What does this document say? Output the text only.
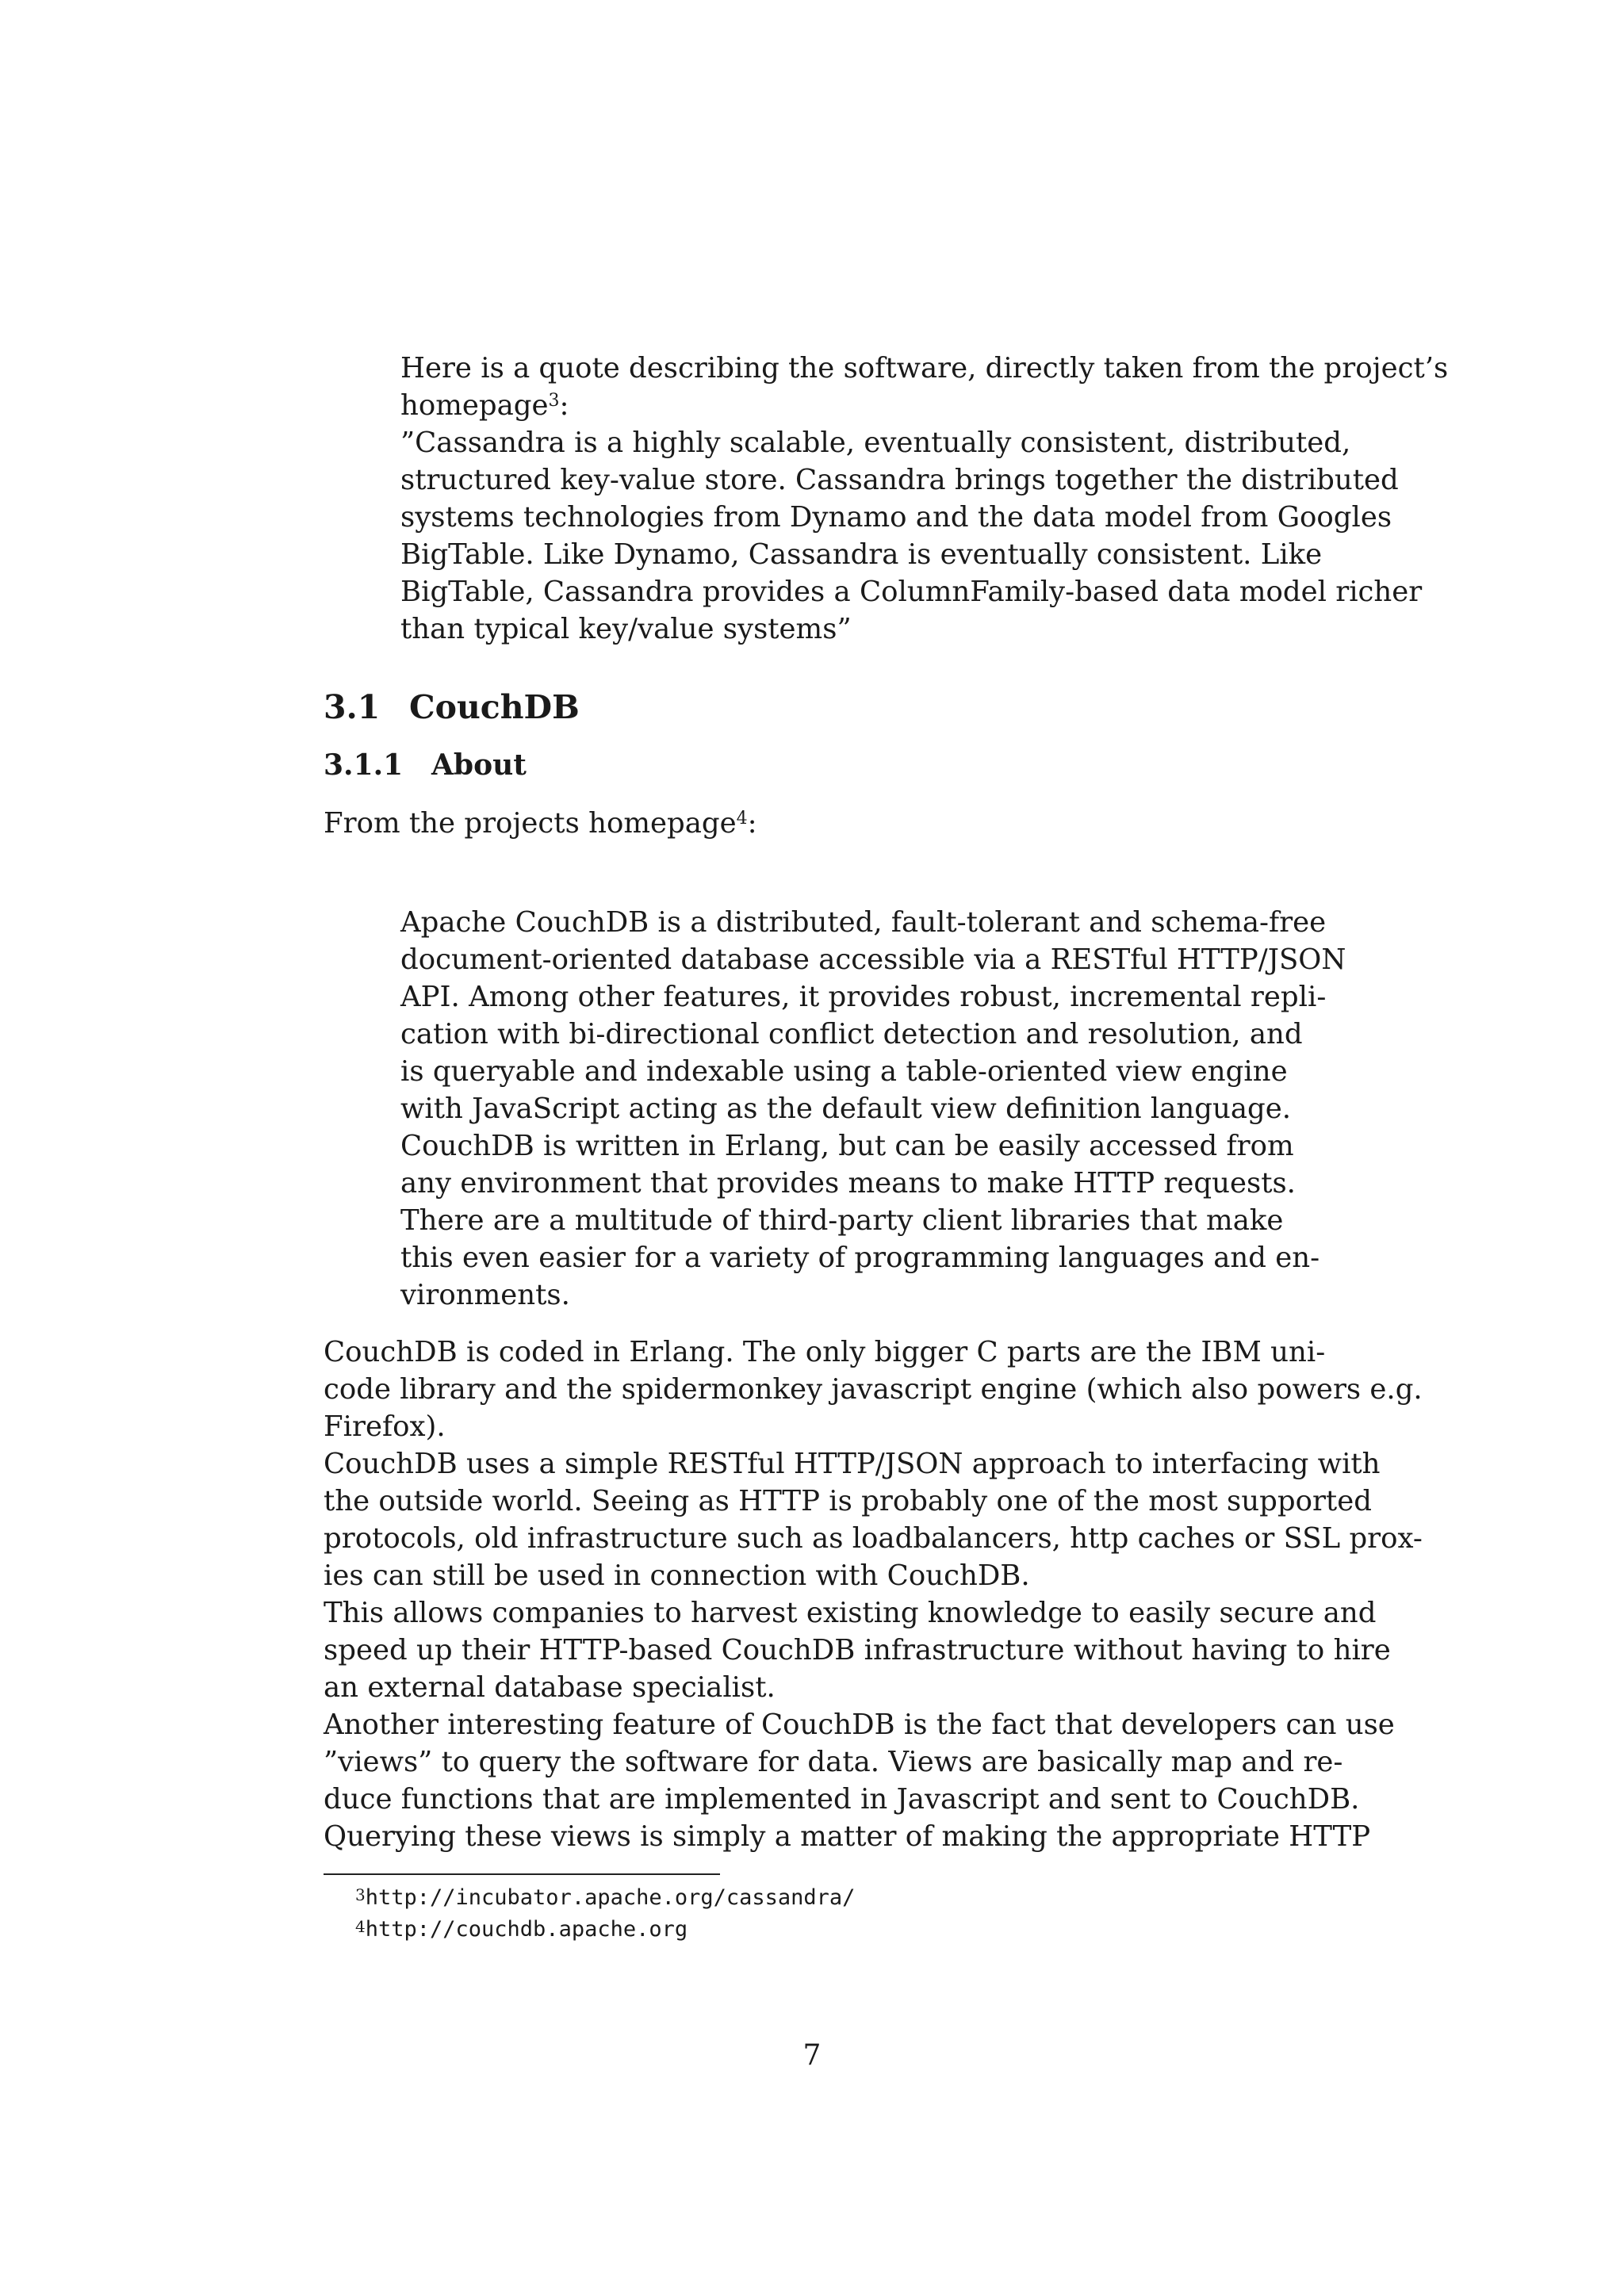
Here is a quote describing the software, directly taken from the project’s
homepage$^3$:
”Cassandra is a highly scalable, eventually consistent, distributed,
structured key-value store. Cassandra brings together the distributed
systems technologies from Dynamo and the data model from Googles
BigTable. Like Dynamo, Cassandra is eventually consistent. Like
BigTable, Cassandra provides a ColumnFamily-based data model richer
than typical key/value systems”
3.1 CouchDB
3.1.1 About
From the projects homepage$^4$:
Apache CouchDB is a distributed, fault-tolerant and schema-free
document-oriented database accessible via a RESTful HTTP/JSON
API. Among other features, it provides robust, incremental repli-
cation with bi-directional conflict detection and resolution, and
is queryable and indexable using a table-oriented view engine
with JavaScript acting as the default view definition language.
CouchDB is written in Erlang, but can be easily accessed from
any environment that provides means to make HTTP requests.
There are a multitude of third-party client libraries that make
this even easier for a variety of programming languages and en-
vironments.
CouchDB is coded in Erlang. The only bigger C parts are the IBM uni-
code library and the spidermonkey javascript engine (which also powers e.g.
Firefox).
CouchDB uses a simple RESTful HTTP/JSON approach to interfacing with
the outside world. Seeing as HTTP is probably one of the most supported
protocols, old infrastructure such as loadbalancers, http caches or SSL prox-
ies can still be used in connection with CouchDB.
This allows companies to harvest existing knowledge to easily secure and
speed up their HTTP-based CouchDB infrastructure without having to hire
an external database specialist.
Another interesting feature of CouchDB is the fact that developers can use
”views” to query the software for data. Views are basically map and re-
duce functions that are implemented in Javascript and sent to CouchDB.
Querying these views is simply a matter of making the appropriate HTTP
$^3$http://incubator.apache.org/cassandra/
$^4$http://couchdb.apache.org
7
